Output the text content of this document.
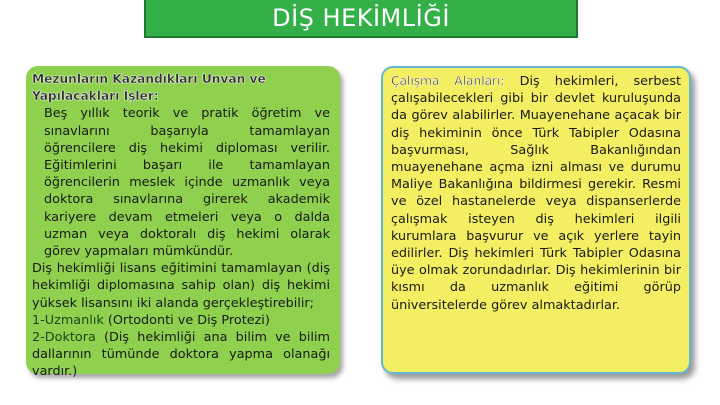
DİŞ HEKİMLİĞİ
Mezunların Kazandıkları Unvan ve Yapılacakları İşler:
Beş yıllık teorik ve pratik öğretim ve sınavlarını başarıyla tamamlayan öğrencilere diş hekimi diploması verilir. Eğitimlerini başarı ile tamamlayan öğrencilerin meslek içinde uzmanlık veya doktora sınavlarına girerek akademik kariyere devam etmeleri veya o dalda uzman veya doktoralı diş hekimi olarak görev yapmaları mümkündür.
Diş hekimliği lisans eğitimini tamamlayan (diş hekimliği diplomasına sahip olan) diş hekimi yüksek lisansını iki alanda gerçekleştirebilir;
1-Uzmanlık (Ortodonti ve Diş Protezi)
2-Doktora (Diş hekimliği ana bilim ve bilim dallarının tümünde doktora yapma olanağı vardır.)
Çalışma Alanları: Diş hekimleri, serbest çalışabilecekleri gibi bir devlet kuruluşunda da görev alabilirler. Muayenehane açacak bir diş hekiminin önce Türk Tabipler Odasına başvurması, Sağlık Bakanlığından muayenehane açma izni alması ve durumu Maliye Bakanlığına bildirmesi gerekir. Resmi ve özel hastanelerde veya dispanserlerde çalışmak isteyen diş hekimleri ilgili kurumlara başvurur ve açık yerlere tayin edilirler. Diş hekimleri Türk Tabipler Odasına üye olmak zorundadırlar. Diş hekimlerinin bir kısmı da uzmanlık eğitimi görüp üniversitelerde görev almaktadırlar.
